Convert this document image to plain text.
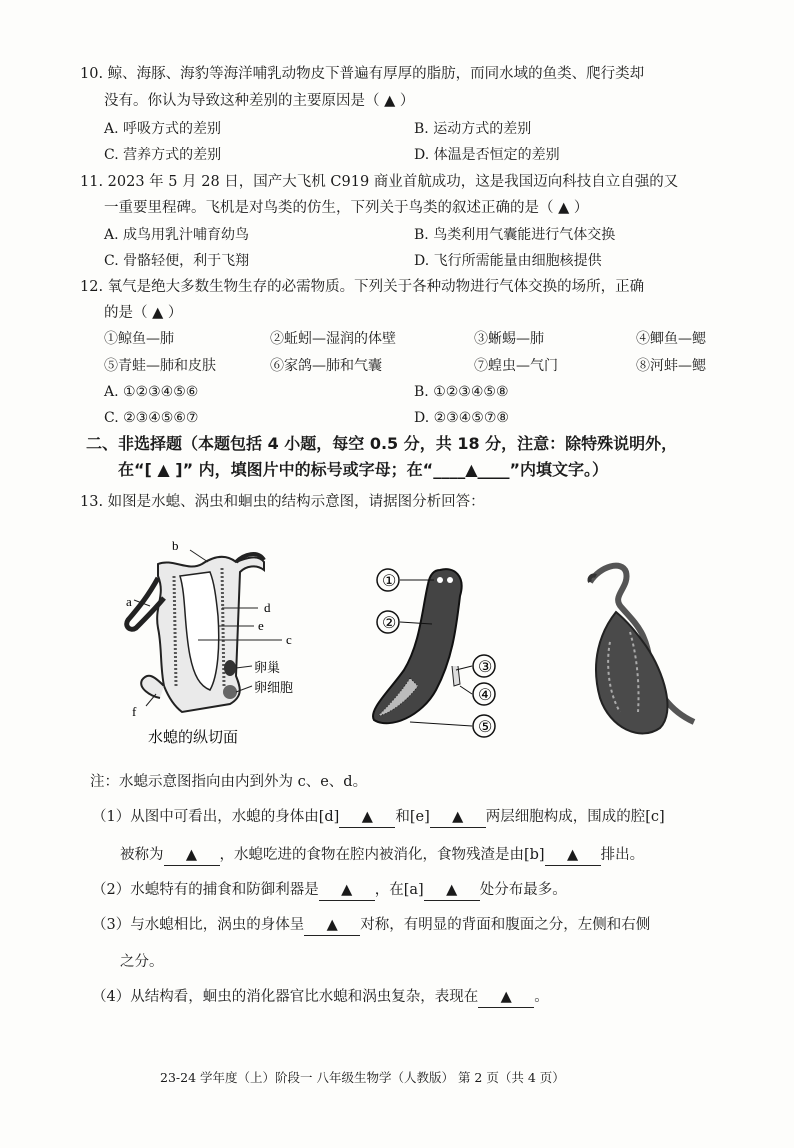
10. 鲸、海豚、海豹等海洋哺乳动物皮下普遍有厚厚的脂肪，而同水域的鱼类、爬行类却
没有。你认为导致这种差别的主要原因是（ ▲ ）
A. 呼吸方式的差别	B. 运动方式的差别
C. 营养方式的差别	D. 体温是否恒定的差别
11. 2023 年 5 月 28 日，国产大飞机 C919 商业首航成功，这是我国迈向科技自立自强的又
一重要里程碑。飞机是对鸟类的仿生，下列关于鸟类的叙述正确的是（ ▲ ）
A. 成鸟用乳汁哺育幼鸟	B. 鸟类利用气囊能进行气体交换
C. 骨骼轻便，利于飞翔	D. 飞行所需能量由细胞核提供
12. 氧气是绝大多数生物生存的必需物质。下列关于各种动物进行气体交换的场所，正确
的是（ ▲ ）
①鲸鱼—肺	②蚯蚓—湿润的体壁	③蜥蜴—肺	④鲫鱼—鳃
⑤青蛙—肺和皮肤	⑥家鸽—肺和气囊	⑦蝗虫—气门	⑧河蚌—鳃
A. ①②③④⑤⑥	B. ①②③④⑤⑧
C. ②③④⑤⑥⑦	D. ②③④⑤⑦⑧
二、非选择题（本题包括 4 小题，每空 0.5 分，共 18 分，注意：除特殊说明外，
在“[ ▲ ]” 内，填图片中的标号或字母；在“____▲____”内填文字。）
13. 如图是水螅、涡虫和蛔虫的结构示意图，请据图分析回答：
b
a	d
e
c
f
卵巢
卵细胞
水螅的纵切面
①
②
③
④
⑤
注：水螅示意图指向由内到外为 c、e、d。
（1）从图中可看出，水螅的身体由[d] ▲ 和[e] ▲ 两层细胞构成，围成的腔[c]
被称为 ▲ ，水螅吃进的食物在腔内被消化，食物残渣是由[b] ▲ 排出。
（2）水螅特有的捕食和防御利器是 ▲ ，在[a] ▲ 处分布最多。
（3）与水螅相比，涡虫的身体呈 ▲ 对称，有明显的背面和腹面之分，左侧和右侧
之分。
（4）从结构看，蛔虫的消化器官比水螅和涡虫复杂，表现在 ▲ 。
23-24 学年度（上）阶段一 八年级生物学（人教版） 第 2 页（共 4 页）
